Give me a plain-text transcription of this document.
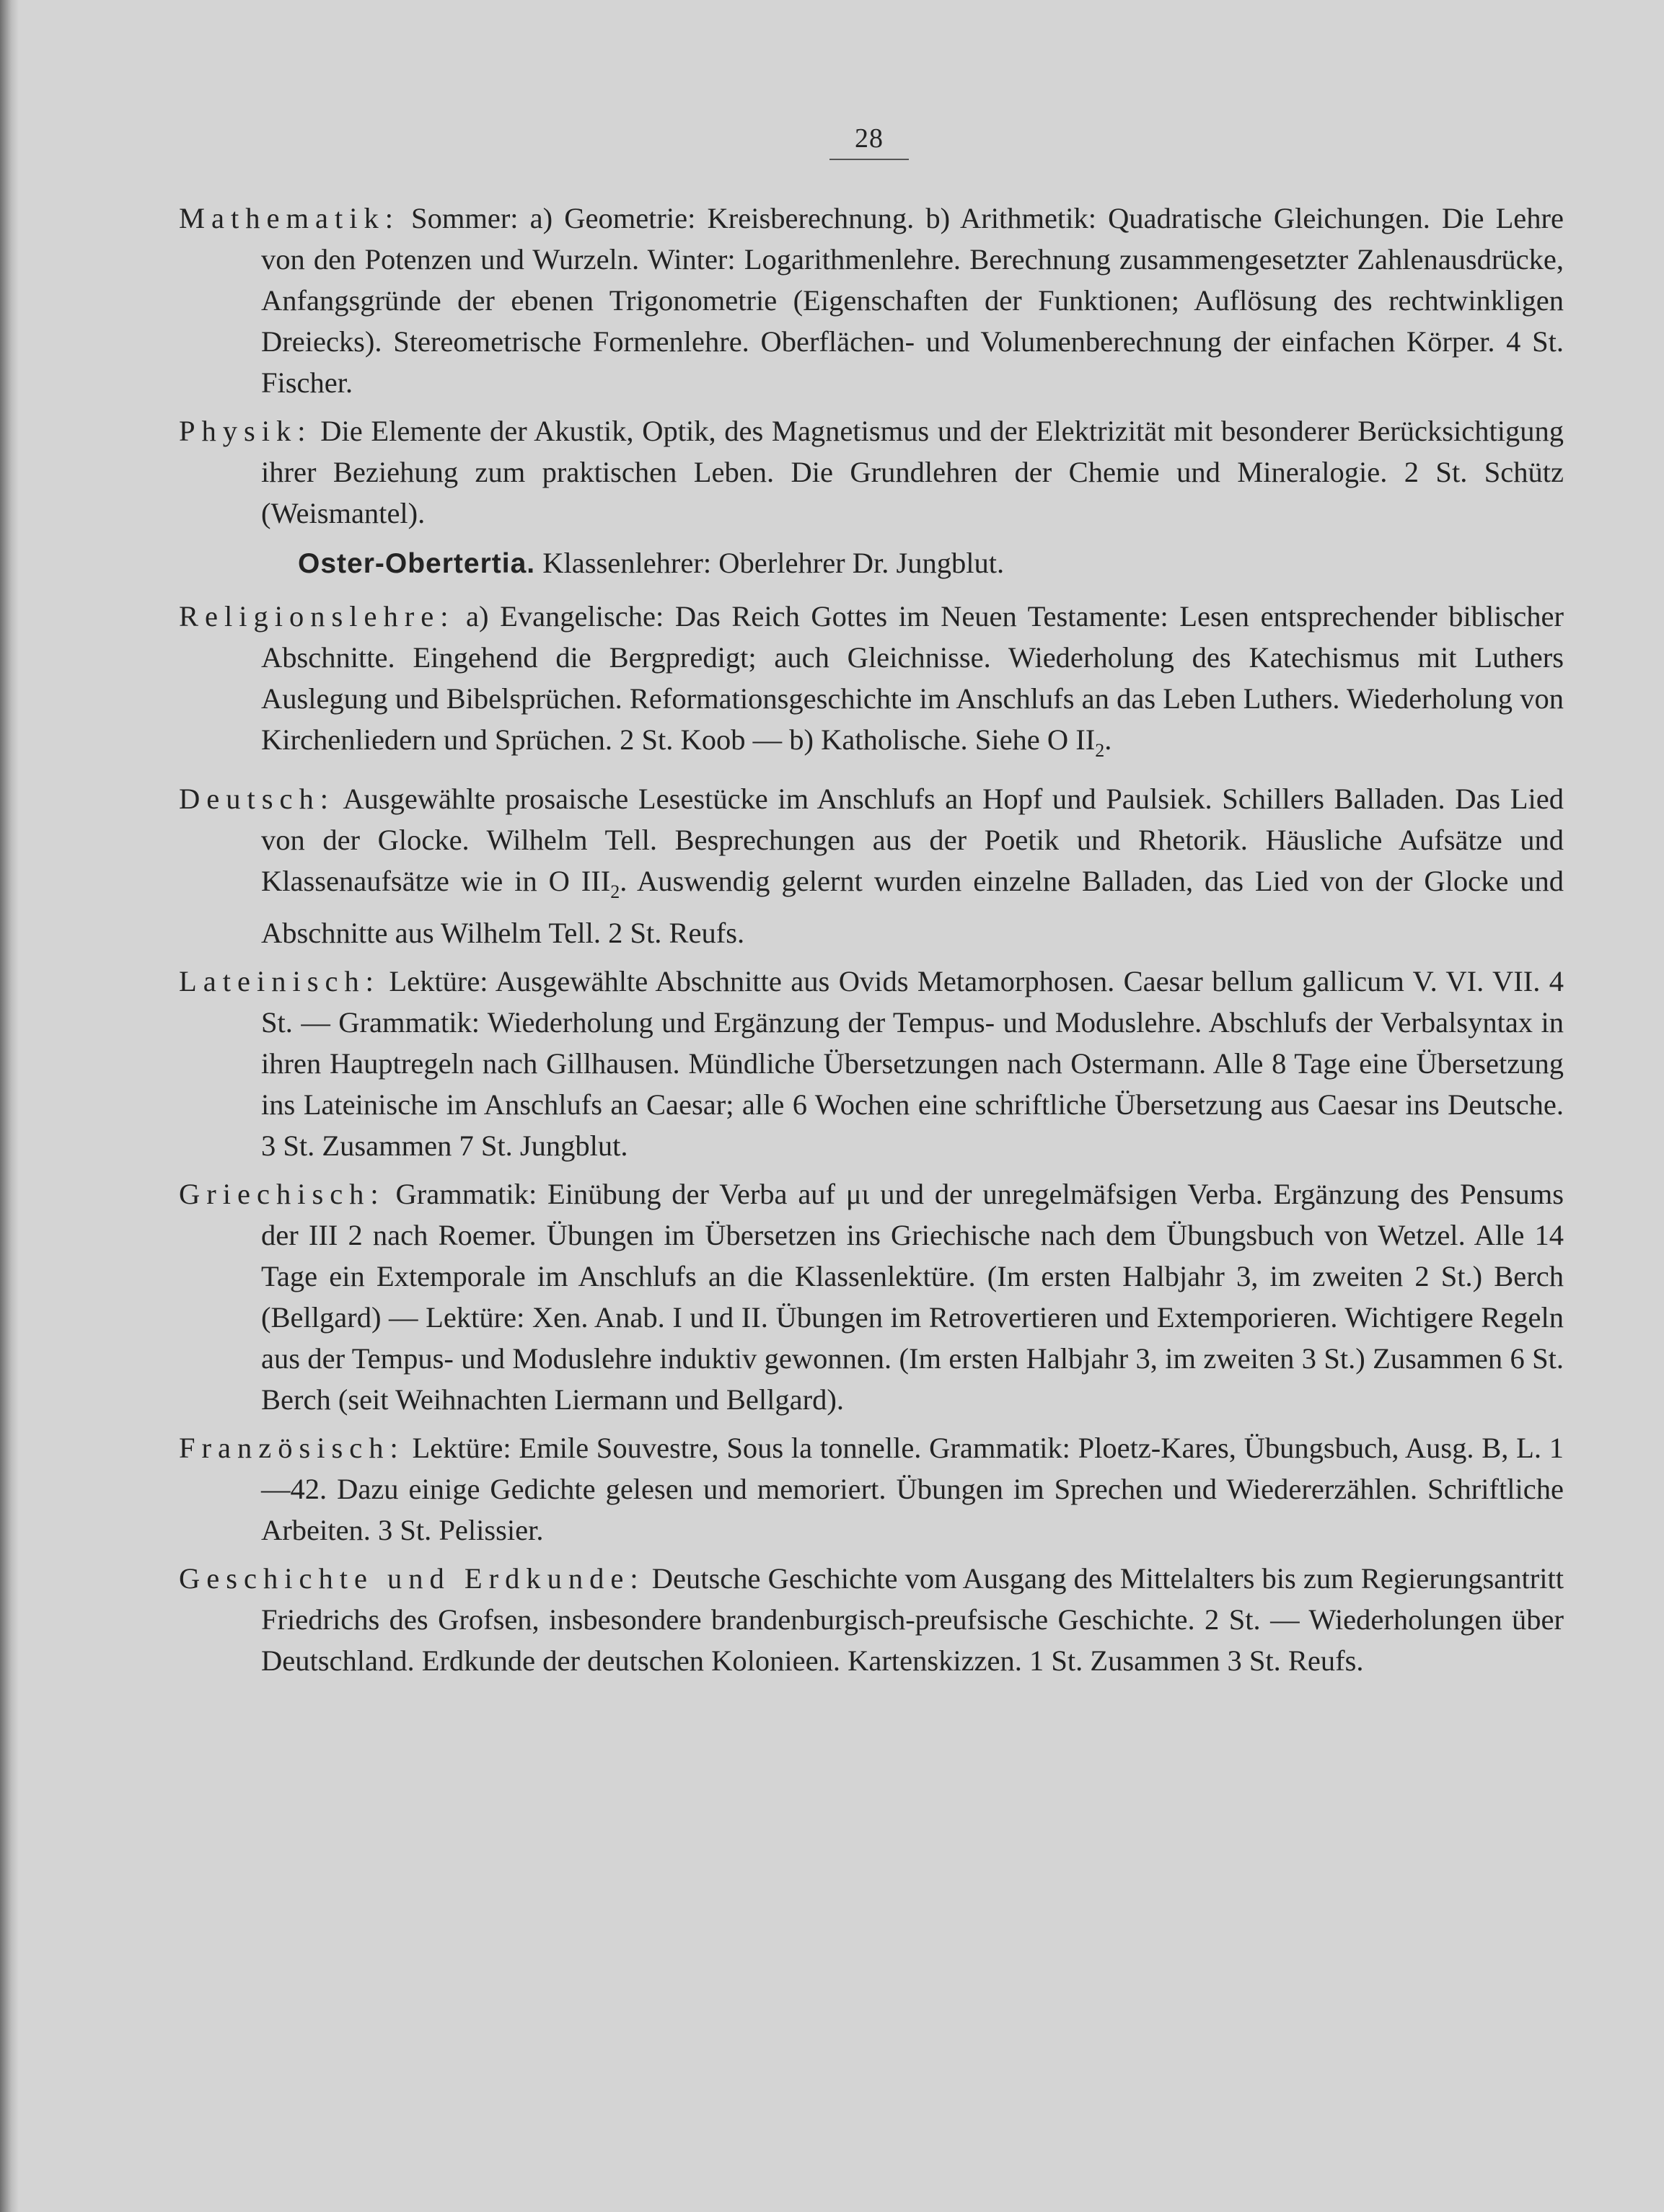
28

Mathematik: Sommer: a) Geometrie: Kreisberechnung. b) Arithmetik: Quadratische Gleichungen. Die Lehre von den Potenzen und Wurzeln. Winter: Logarithmenlehre. Berechnung zusammengesetzter Zahlenausdrücke, Anfangsgründe der ebenen Trigonometrie (Eigenschaften der Funktionen; Auflösung des rechtwinkligen Dreiecks). Stereometrische Formenlehre. Oberflächen- und Volumenberechnung der einfachen Körper. 4 St. Fischer.

Physik: Die Elemente der Akustik, Optik, des Magnetismus und der Elektrizität mit besonderer Berücksichtigung ihrer Beziehung zum praktischen Leben. Die Grundlehren der Chemie und Mineralogie. 2 St. Schütz (Weismantel).

Oster-Obertertia. Klassenlehrer: Oberlehrer Dr. Jungblut.

Religionslehre: a) Evangelische: Das Reich Gottes im Neuen Testamente: Lesen entsprechender biblischer Abschnitte. Eingehend die Bergpredigt; auch Gleichnisse. Wiederholung des Katechismus mit Luthers Auslegung und Bibelsprüchen. Reformationsgeschichte im Anschlufs an das Leben Luthers. Wiederholung von Kirchenliedern und Sprüchen. 2 St. Koob — b) Katholische. Siehe O $II_2$.

Deutsch: Ausgewählte prosaische Lesestücke im Anschlufs an Hopf und Paulsiek. Schillers Balladen. Das Lied von der Glocke. Wilhelm Tell. Besprechungen aus der Poetik und Rhetorik. Häusliche Aufsätze und Klassenaufsätze wie in O $III_2$. Auswendig gelernt wurden einzelne Balladen, das Lied von der Glocke und Abschnitte aus Wilhelm Tell. 2 St. Reufs.

Lateinisch: Lektüre: Ausgewählte Abschnitte aus Ovids Metamorphosen. Caesar bellum gallicum V. VI. VII. 4 St. — Grammatik: Wiederholung und Ergänzung der Tempus- und Moduslehre. Abschlufs der Verbalsyntax in ihren Hauptregeln nach Gillhausen. Mündliche Übersetzungen nach Ostermann. Alle 8 Tage eine Übersetzung ins Lateinische im Anschlufs an Caesar; alle 6 Wochen eine schriftliche Übersetzung aus Caesar ins Deutsche. 3 St. Zusammen 7 St. Jungblut.

Griechisch: Grammatik: Einübung der Verba auf μι und der unregelmäfsigen Verba. Ergänzung des Pensums der III 2 nach Roemer. Übungen im Übersetzen ins Griechische nach dem Übungsbuch von Wetzel. Alle 14 Tage ein Extemporale im Anschlufs an die Klassenlektüre. (Im ersten Halbjahr 3, im zweiten 2 St.) Berch (Bellgard) — Lektüre: Xen. Anab. I und II. Übungen im Retrovertieren und Extemporieren. Wichtigere Regeln aus der Tempus- und Moduslehre induktiv gewonnen. (Im ersten Halbjahr 3, im zweiten 3 St.) Zusammen 6 St. Berch (seit Weihnachten Liermann und Bellgard).

Französisch: Lektüre: Emile Souvestre, Sous la tonnelle. Grammatik: Ploetz-Kares, Übungsbuch, Ausg. B, L. 1—42. Dazu einige Gedichte gelesen und memoriert. Übungen im Sprechen und Wiedererzählen. Schriftliche Arbeiten. 3 St. Pelissier.

Geschichte und Erdkunde: Deutsche Geschichte vom Ausgang des Mittelalters bis zum Regierungsantritt Friedrichs des Grofsen, insbesondere brandenburgisch-preufsische Geschichte. 2 St. — Wiederholungen über Deutschland. Erdkunde der deutschen Kolonieen. Kartenskizzen. 1 St. Zusammen 3 St. Reufs.
